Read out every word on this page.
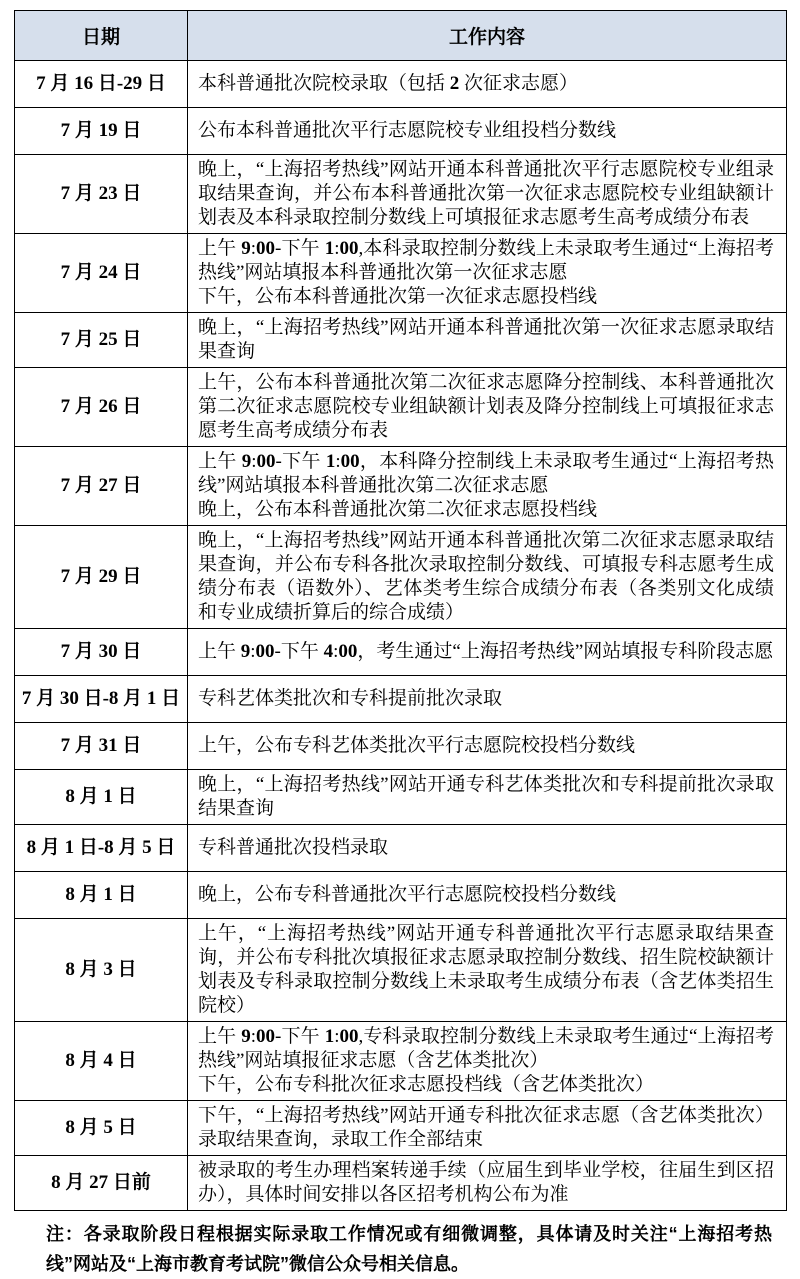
日期	工作内容
7 月 16 日-29 日	本科普通批次院校录取（包括 2 次征求志愿）

7 月 19 日	公布本科普通批次平行志愿院校专业组投档分数线

7 月 23 日	晚上，“上海招考热线”网站开通本科普通批次平行志愿院校专业组录取结果查询，并公布本科普通批次第一次征求志愿院校专业组缺额计划表及本科录取控制分数线上可填报征求志愿考生高考成绩分布表

7 月 24 日	上午 9:00-下午 1:00,本科录取控制分数线上未录取考生通过“上海招考热线”网站填报本科普通批次第一次征求志愿
下午，公布本科普通批次第一次征求志愿投档线

7 月 25 日	晚上，“上海招考热线”网站开通本科普通批次第一次征求志愿录取结果查询

7 月 26 日	上午，公布本科普通批次第二次征求志愿降分控制线、本科普通批次第二次征求志愿院校专业组缺额计划表及降分控制线上可填报征求志愿考生高考成绩分布表

7 月 27 日	上午 9:00-下午 1:00，本科降分控制线上未录取考生通过“上海招考热线”网站填报本科普通批次第二次征求志愿
晚上，公布本科普通批次第二次征求志愿投档线

7 月 29 日	晚上，“上海招考热线”网站开通本科普通批次第二次征求志愿录取结果查询，并公布专科各批次录取控制分数线、可填报专科志愿考生成绩分布表（语数外）、艺体类考生综合成绩分布表（各类别文化成绩和专业成绩折算后的综合成绩）

7 月 30 日	上午 9:00-下午 4:00，考生通过“上海招考热线”网站填报专科阶段志愿

7 月 30 日-8 月 1 日	专科艺体类批次和专科提前批次录取

7 月 31 日	上午，公布专科艺体类批次平行志愿院校投档分数线

8 月 1 日	晚上，“上海招考热线”网站开通专科艺体类批次和专科提前批次录取结果查询

8 月 1 日-8 月 5 日	专科普通批次投档录取

8 月 1 日	晚上，公布专科普通批次平行志愿院校投档分数线

8 月 3 日	上午，“上海招考热线”网站开通专科普通批次平行志愿录取结果查询，并公布专科批次填报征求志愿录取控制分数线、招生院校缺额计划表及专科录取控制分数线上未录取考生成绩分布表（含艺体类招生院校）

8 月 4 日	上午 9:00-下午 1:00,专科录取控制分数线上未录取考生通过“上海招考热线”网站填报征求志愿（含艺体类批次）
下午，公布专科批次征求志愿投档线（含艺体类批次）

8 月 5 日	下午，“上海招考热线”网站开通专科批次征求志愿（含艺体类批次）录取结果查询，录取工作全部结束

8 月 27 日前	被录取的考生办理档案转递手续（应届生到毕业学校，往届生到区招办），具体时间安排以各区招考机构公布为准

注：各录取阶段日程根据实际录取工作情况或有细微调整，具体请及时关注“上海招考热线”网站及“上海市教育考试院”微信公众号相关信息。
